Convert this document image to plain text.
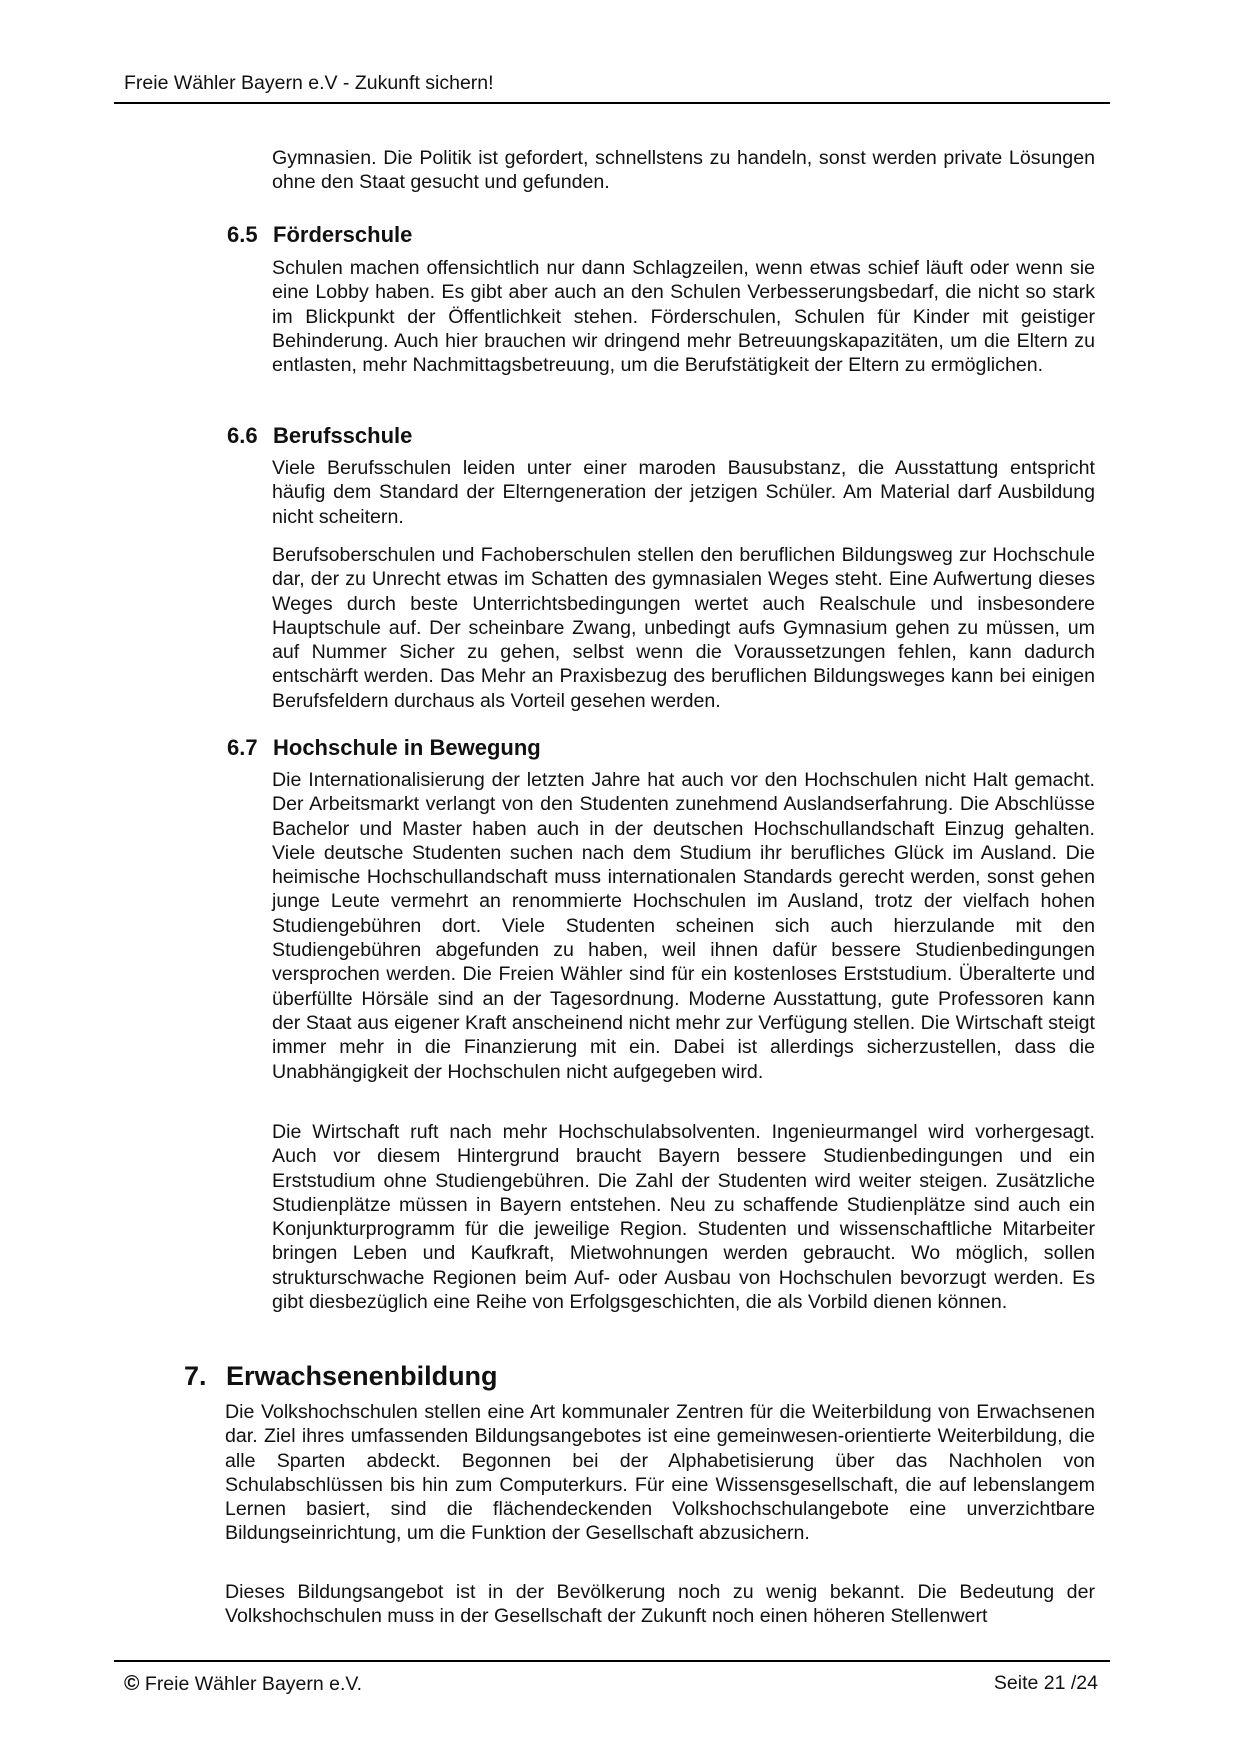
Freie Wähler Bayern e.V - Zukunft sichern!
Gymnasien. Die Politik ist gefordert, schnellstens zu handeln, sonst werden private Lösungen ohne den Staat gesucht und gefunden.
6.5 Förderschule
Schulen machen offensichtlich nur dann Schlagzeilen, wenn etwas schief läuft oder wenn sie eine Lobby haben. Es gibt aber auch an den Schulen Verbesserungsbedarf, die nicht so stark im Blickpunkt der Öffentlichkeit stehen. Förderschulen, Schulen für Kinder mit geistiger Behinderung. Auch hier brauchen wir dringend mehr Betreuungskapazitäten, um die Eltern zu entlasten, mehr Nachmittagsbetreuung, um die Berufstätigkeit der Eltern zu ermöglichen.
6.6 Berufsschule
Viele Berufsschulen leiden unter einer maroden Bausubstanz, die Ausstattung entspricht häufig dem Standard der Elterngeneration der jetzigen Schüler. Am Material darf Ausbildung nicht scheitern.
Berufsoberschulen und Fachoberschulen stellen den beruflichen Bildungsweg zur Hochschule dar, der zu Unrecht etwas im Schatten des gymnasialen Weges steht. Eine Aufwertung dieses Weges durch beste Unterrichtsbedingungen wertet auch Realschule und insbesondere Hauptschule auf. Der scheinbare Zwang, unbedingt aufs Gymnasium gehen zu müssen, um auf Nummer Sicher zu gehen, selbst wenn die Voraussetzungen fehlen, kann dadurch entschärft werden. Das Mehr an Praxisbezug des beruflichen Bildungsweges kann bei einigen Berufsfeldern durchaus als Vorteil gesehen werden.
6.7 Hochschule in Bewegung
Die Internationalisierung der letzten Jahre hat auch vor den Hochschulen nicht Halt gemacht. Der Arbeitsmarkt verlangt von den Studenten zunehmend Auslandserfahrung. Die Abschlüsse Bachelor und Master haben auch in der deutschen Hochschullandschaft Einzug gehalten. Viele deutsche Studenten suchen nach dem Studium ihr berufliches Glück im Ausland. Die heimische Hochschullandschaft muss internationalen Standards gerecht werden, sonst gehen junge Leute vermehrt an renommierte Hochschulen im Ausland, trotz der vielfach hohen Studiengebühren dort. Viele Studenten scheinen sich auch hierzulande mit den Studiengebühren abgefunden zu haben, weil ihnen dafür bessere Studienbedingungen versprochen werden. Die Freien Wähler sind für ein kostenloses Erststudium. Überalterte und überfüllte Hörsäle sind an der Tagesordnung. Moderne Ausstattung, gute Professoren kann der Staat aus eigener Kraft anscheinend nicht mehr zur Verfügung stellen. Die Wirtschaft steigt immer mehr in die Finanzierung mit ein. Dabei ist allerdings sicherzustellen, dass die Unabhängigkeit der Hochschulen nicht aufgegeben wird.
Die Wirtschaft ruft nach mehr Hochschulabsolventen. Ingenieurmangel wird vorhergesagt. Auch vor diesem Hintergrund braucht Bayern bessere Studienbedingungen und ein Erststudium ohne Studiengebühren. Die Zahl der Studenten wird weiter steigen. Zusätzliche Studienplätze müssen in Bayern entstehen. Neu zu schaffende Studienplätze sind auch ein Konjunkturprogramm für die jeweilige Region. Studenten und wissenschaftliche Mitarbeiter bringen Leben und Kaufkraft, Mietwohnungen werden gebraucht. Wo möglich, sollen strukturschwache Regionen beim Auf- oder Ausbau von Hochschulen bevorzugt werden. Es gibt diesbezüglich eine Reihe von Erfolgsgeschichten, die als Vorbild dienen können.
7. Erwachsenenbildung
Die Volkshochschulen stellen eine Art kommunaler Zentren für die Weiterbildung von Erwachsenen dar. Ziel ihres umfassenden Bildungsangebotes ist eine gemeinwesen-orientierte Weiterbildung, die alle Sparten abdeckt. Begonnen bei der Alphabetisierung über das Nachholen von Schulabschlüssen bis hin zum Computerkurs. Für eine Wissensgesellschaft, die auf lebenslangem Lernen basiert, sind die flächendeckenden Volkshochschulangebote eine unverzichtbare Bildungseinrichtung, um die Funktion der Gesellschaft abzusichern.
Dieses Bildungsangebot ist in der Bevölkerung noch zu wenig bekannt. Die Bedeutung der Volkshochschulen muss in der Gesellschaft der Zukunft noch einen höheren Stellenwert
© Freie Wähler Bayern e.V.	Seite 21 /24
